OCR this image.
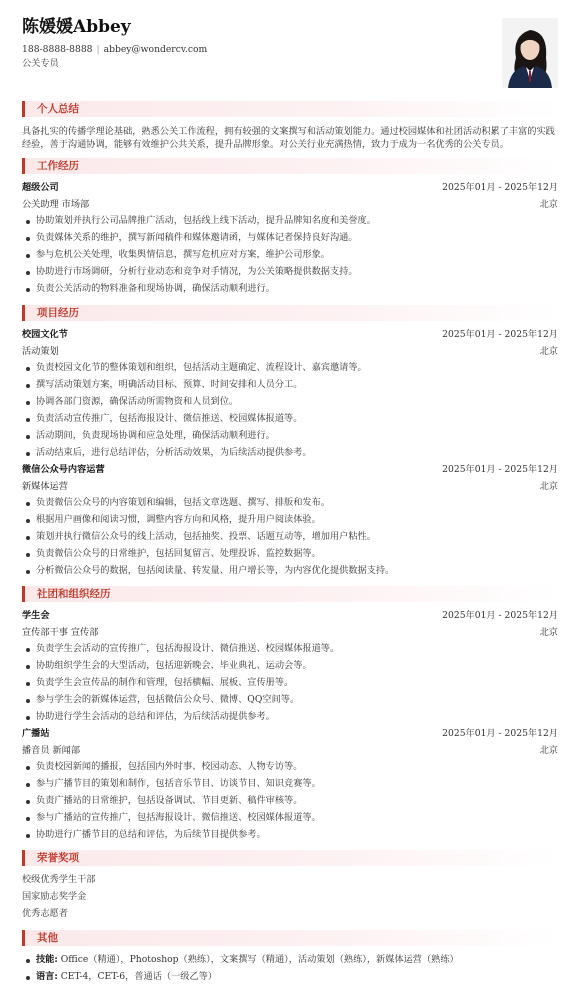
陈媛媛Abbey
188-8888-8888 | abbey@wondercv.com
公关专员
个人总结
具备扎实的传播学理论基础，熟悉公关工作流程，拥有较强的文案撰写和活动策划能力。通过校园媒体和社团活动积累了丰富的实践经验，善于沟通协调，能够有效维护公共关系，提升品牌形象。对公关行业充满热情，致力于成为一名优秀的公关专员。
工作经历
超级公司	2025年01月 - 2025年12月
公关助理 市场部	北京
协助策划并执行公司品牌推广活动，包括线上线下活动，提升品牌知名度和美誉度。
负责媒体关系的维护，撰写新闻稿件和媒体邀请函，与媒体记者保持良好沟通。
参与危机公关处理，收集舆情信息，撰写危机应对方案，维护公司形象。
协助进行市场调研，分析行业动态和竞争对手情况，为公关策略提供数据支持。
负责公关活动的物料准备和现场协调，确保活动顺利进行。
项目经历
校园文化节	2025年01月 - 2025年12月
活动策划	北京
负责校园文化节的整体策划和组织，包括活动主题确定、流程设计、嘉宾邀请等。
撰写活动策划方案，明确活动目标、预算、时间安排和人员分工。
协调各部门资源，确保活动所需物资和人员到位。
负责活动宣传推广，包括海报设计、微信推送、校园媒体报道等。
活动期间，负责现场协调和应急处理，确保活动顺利进行。
活动结束后，进行总结评估，分析活动效果，为后续活动提供参考。
微信公众号内容运营	2025年01月 - 2025年12月
新媒体运营	北京
负责微信公众号的内容策划和编辑，包括文章选题、撰写、排版和发布。
根据用户画像和阅读习惯，调整内容方向和风格，提升用户阅读体验。
策划并执行微信公众号的线上活动，包括抽奖、投票、话题互动等，增加用户粘性。
负责微信公众号的日常维护，包括回复留言、处理投诉、监控数据等。
分析微信公众号的数据，包括阅读量、转发量、用户增长等，为内容优化提供数据支持。
社团和组织经历
学生会	2025年01月 - 2025年12月
宣传部干事 宣传部	北京
负责学生会活动的宣传推广，包括海报设计、微信推送、校园媒体报道等。
协助组织学生会的大型活动，包括迎新晚会、毕业典礼、运动会等。
负责学生会宣传品的制作和管理，包括横幅、展板、宣传册等。
参与学生会的新媒体运营，包括微信公众号、微博、QQ空间等。
协助进行学生会活动的总结和评估，为后续活动提供参考。
广播站	2025年01月 - 2025年12月
播音员 新闻部	北京
负责校园新闻的播报，包括国内外时事、校园动态、人物专访等。
参与广播节目的策划和制作，包括音乐节目、访谈节目、知识竞赛等。
负责广播站的日常维护，包括设备调试、节目更新、稿件审核等。
参与广播站的宣传推广，包括海报设计、微信推送、校园媒体报道等。
协助进行广播节目的总结和评估，为后续节目提供参考。
荣誉奖项
校级优秀学生干部
国家励志奖学金
优秀志愿者
其他
技能: Office（精通），Photoshop（熟练），文案撰写（精通），活动策划（熟练），新媒体运营（熟练）
语言: CET-4，CET-6，普通话（一级乙等）
